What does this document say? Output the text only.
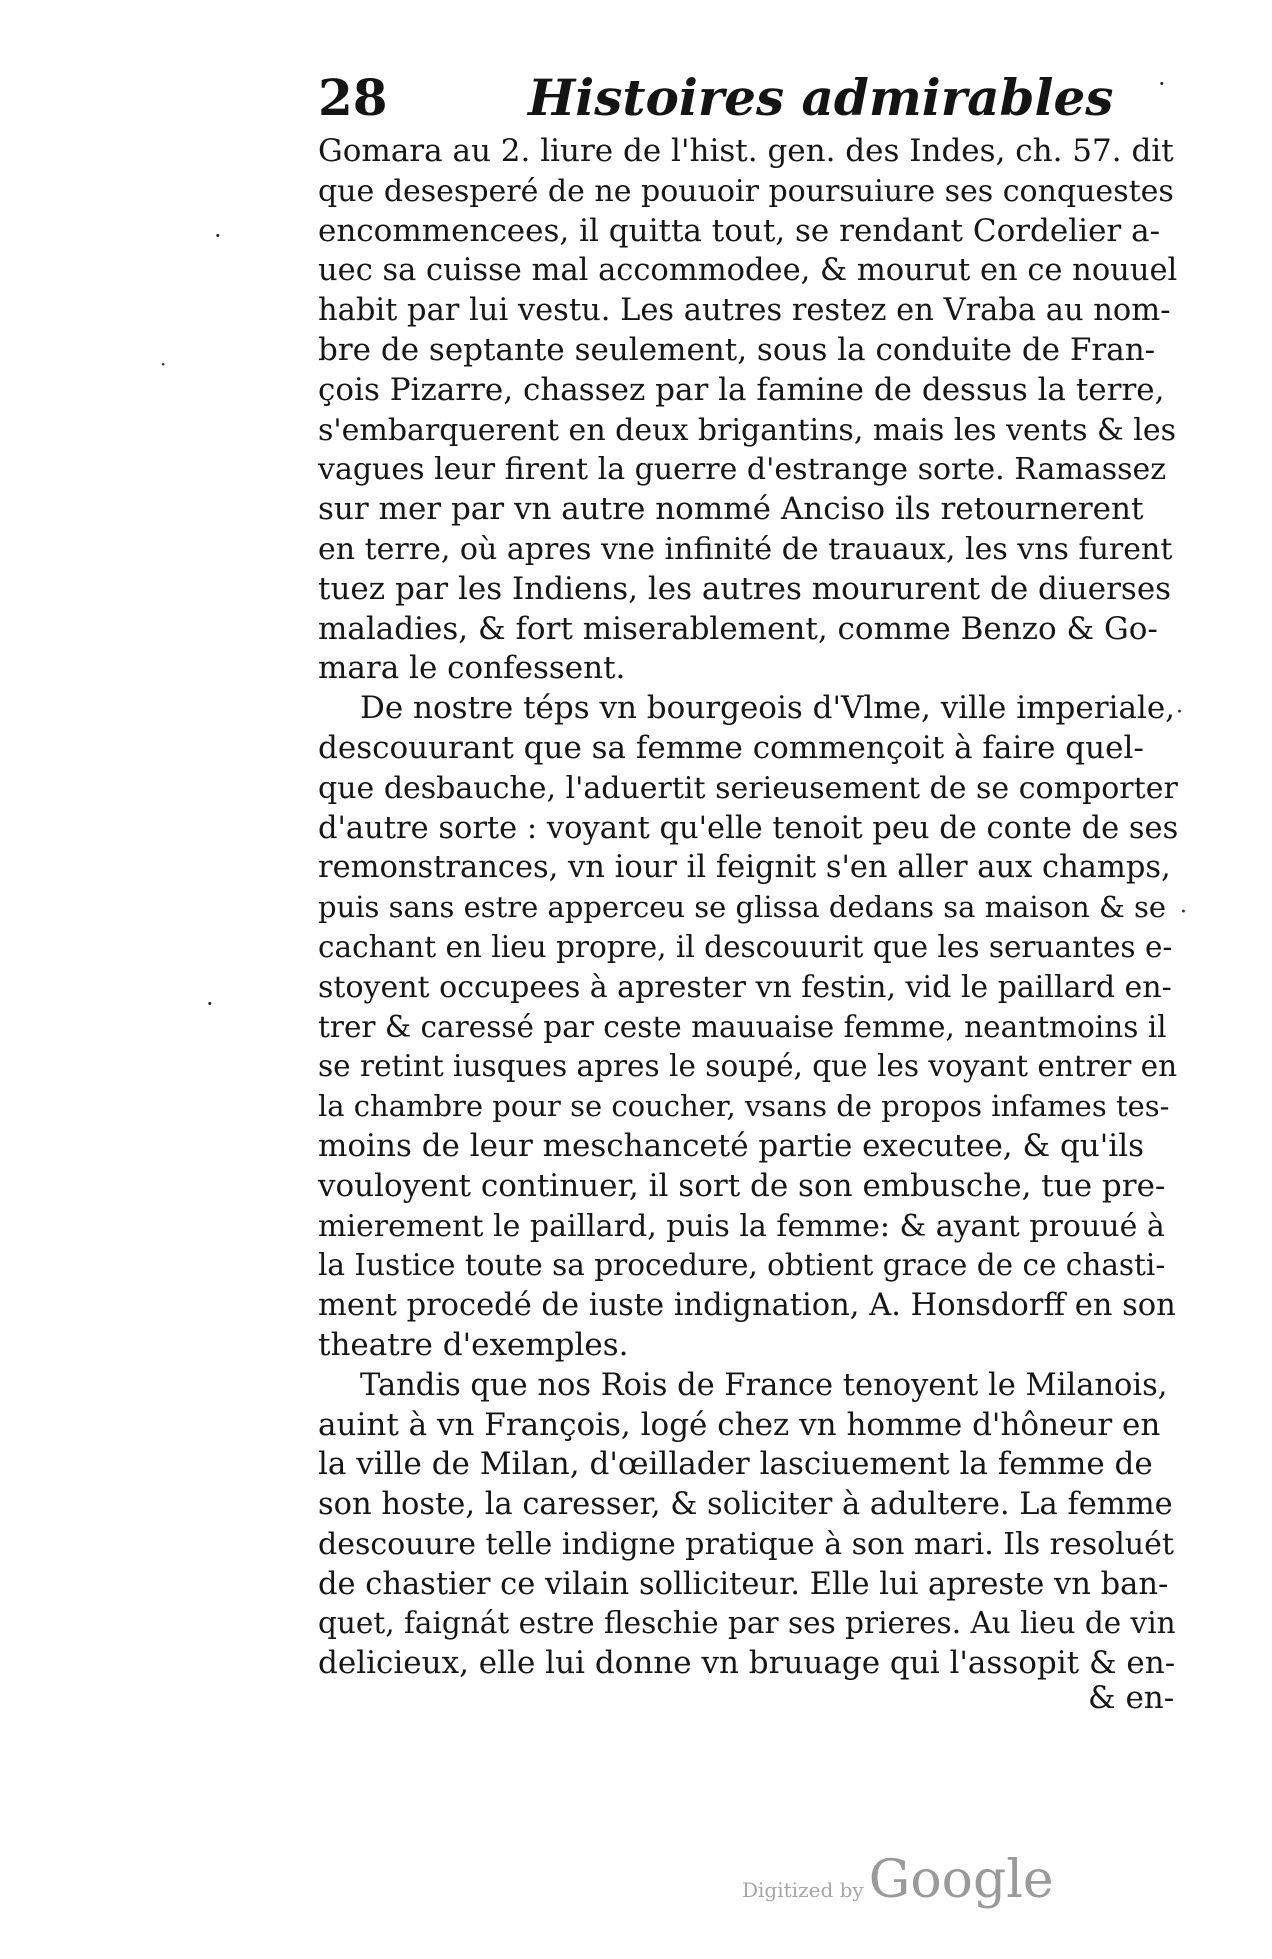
28	Histoires admirables
Gomara au 2. liure de l'hist. gen. des Indes, ch. 57. dit
que desesperé de ne pouuoir poursuiure ses conquestes
encommencees, il quitta tout, se rendant Cordelier a-
uec sa cuisse mal accommodee, & mourut en ce nouuel
habit par lui vestu. Les autres restez en Vraba au nom-
bre de septante seulement, sous la conduite de Fran-
çois Pizarre, chassez par la famine de dessus la terre,
s'embarquerent en deux brigantins, mais les vents & les
vagues leur firent la guerre d'estrange sorte. Ramassez
sur mer par vn autre nommé Anciso ils retournerent
en terre, où apres vne infinité de trauaux, les vns furent
tuez par les Indiens, les autres moururent de diuerses
maladies, & fort miserablement, comme Benzo & Go-
mara le confessent.
De nostre téps vn bourgeois d'Vlme, ville imperiale,
descouurant que sa femme commençoit à faire quel-
que desbauche, l'aduertit serieusement de se comporter
d'autre sorte : voyant qu'elle tenoit peu de conte de ses
remonstrances, vn iour il feignit s'en aller aux champs,
puis sans estre apperceu se glissa dedans sa maison & se
cachant en lieu propre, il descouurit que les seruantes e-
stoyent occupees à aprester vn festin, vid le paillard en-
trer & caressé par ceste mauuaise femme, neantmoins il
se retint iusques apres le soupé, que les voyant entrer en
la chambre pour se coucher, vsans de propos infames tes-
moins de leur meschanceté partie executee, & qu'ils
vouloyent continuer, il sort de son embusche, tue pre-
mierement le paillard, puis la femme: & ayant prouué à
la Iustice toute sa procedure, obtient grace de ce chasti-
ment procedé de iuste indignation, A. Honsdorff en son
theatre d'exemples.
Tandis que nos Rois de France tenoyent le Milanois,
auint à vn François, logé chez vn homme d'hôneur en
la ville de Milan, d'œillader lasciuement la femme de
son hoste, la caresser, & soliciter à adultere. La femme
descouure telle indigne pratique à son mari. Ils resoluét
de chastier ce vilain solliciteur. Elle lui apreste vn ban-
quet, faignát estre fleschie par ses prieres. Au lieu de vin
delicieux, elle lui donne vn bruuage qui l'assopit & en-
& en-
·
·
·
·
·
·
Digitized by Google
